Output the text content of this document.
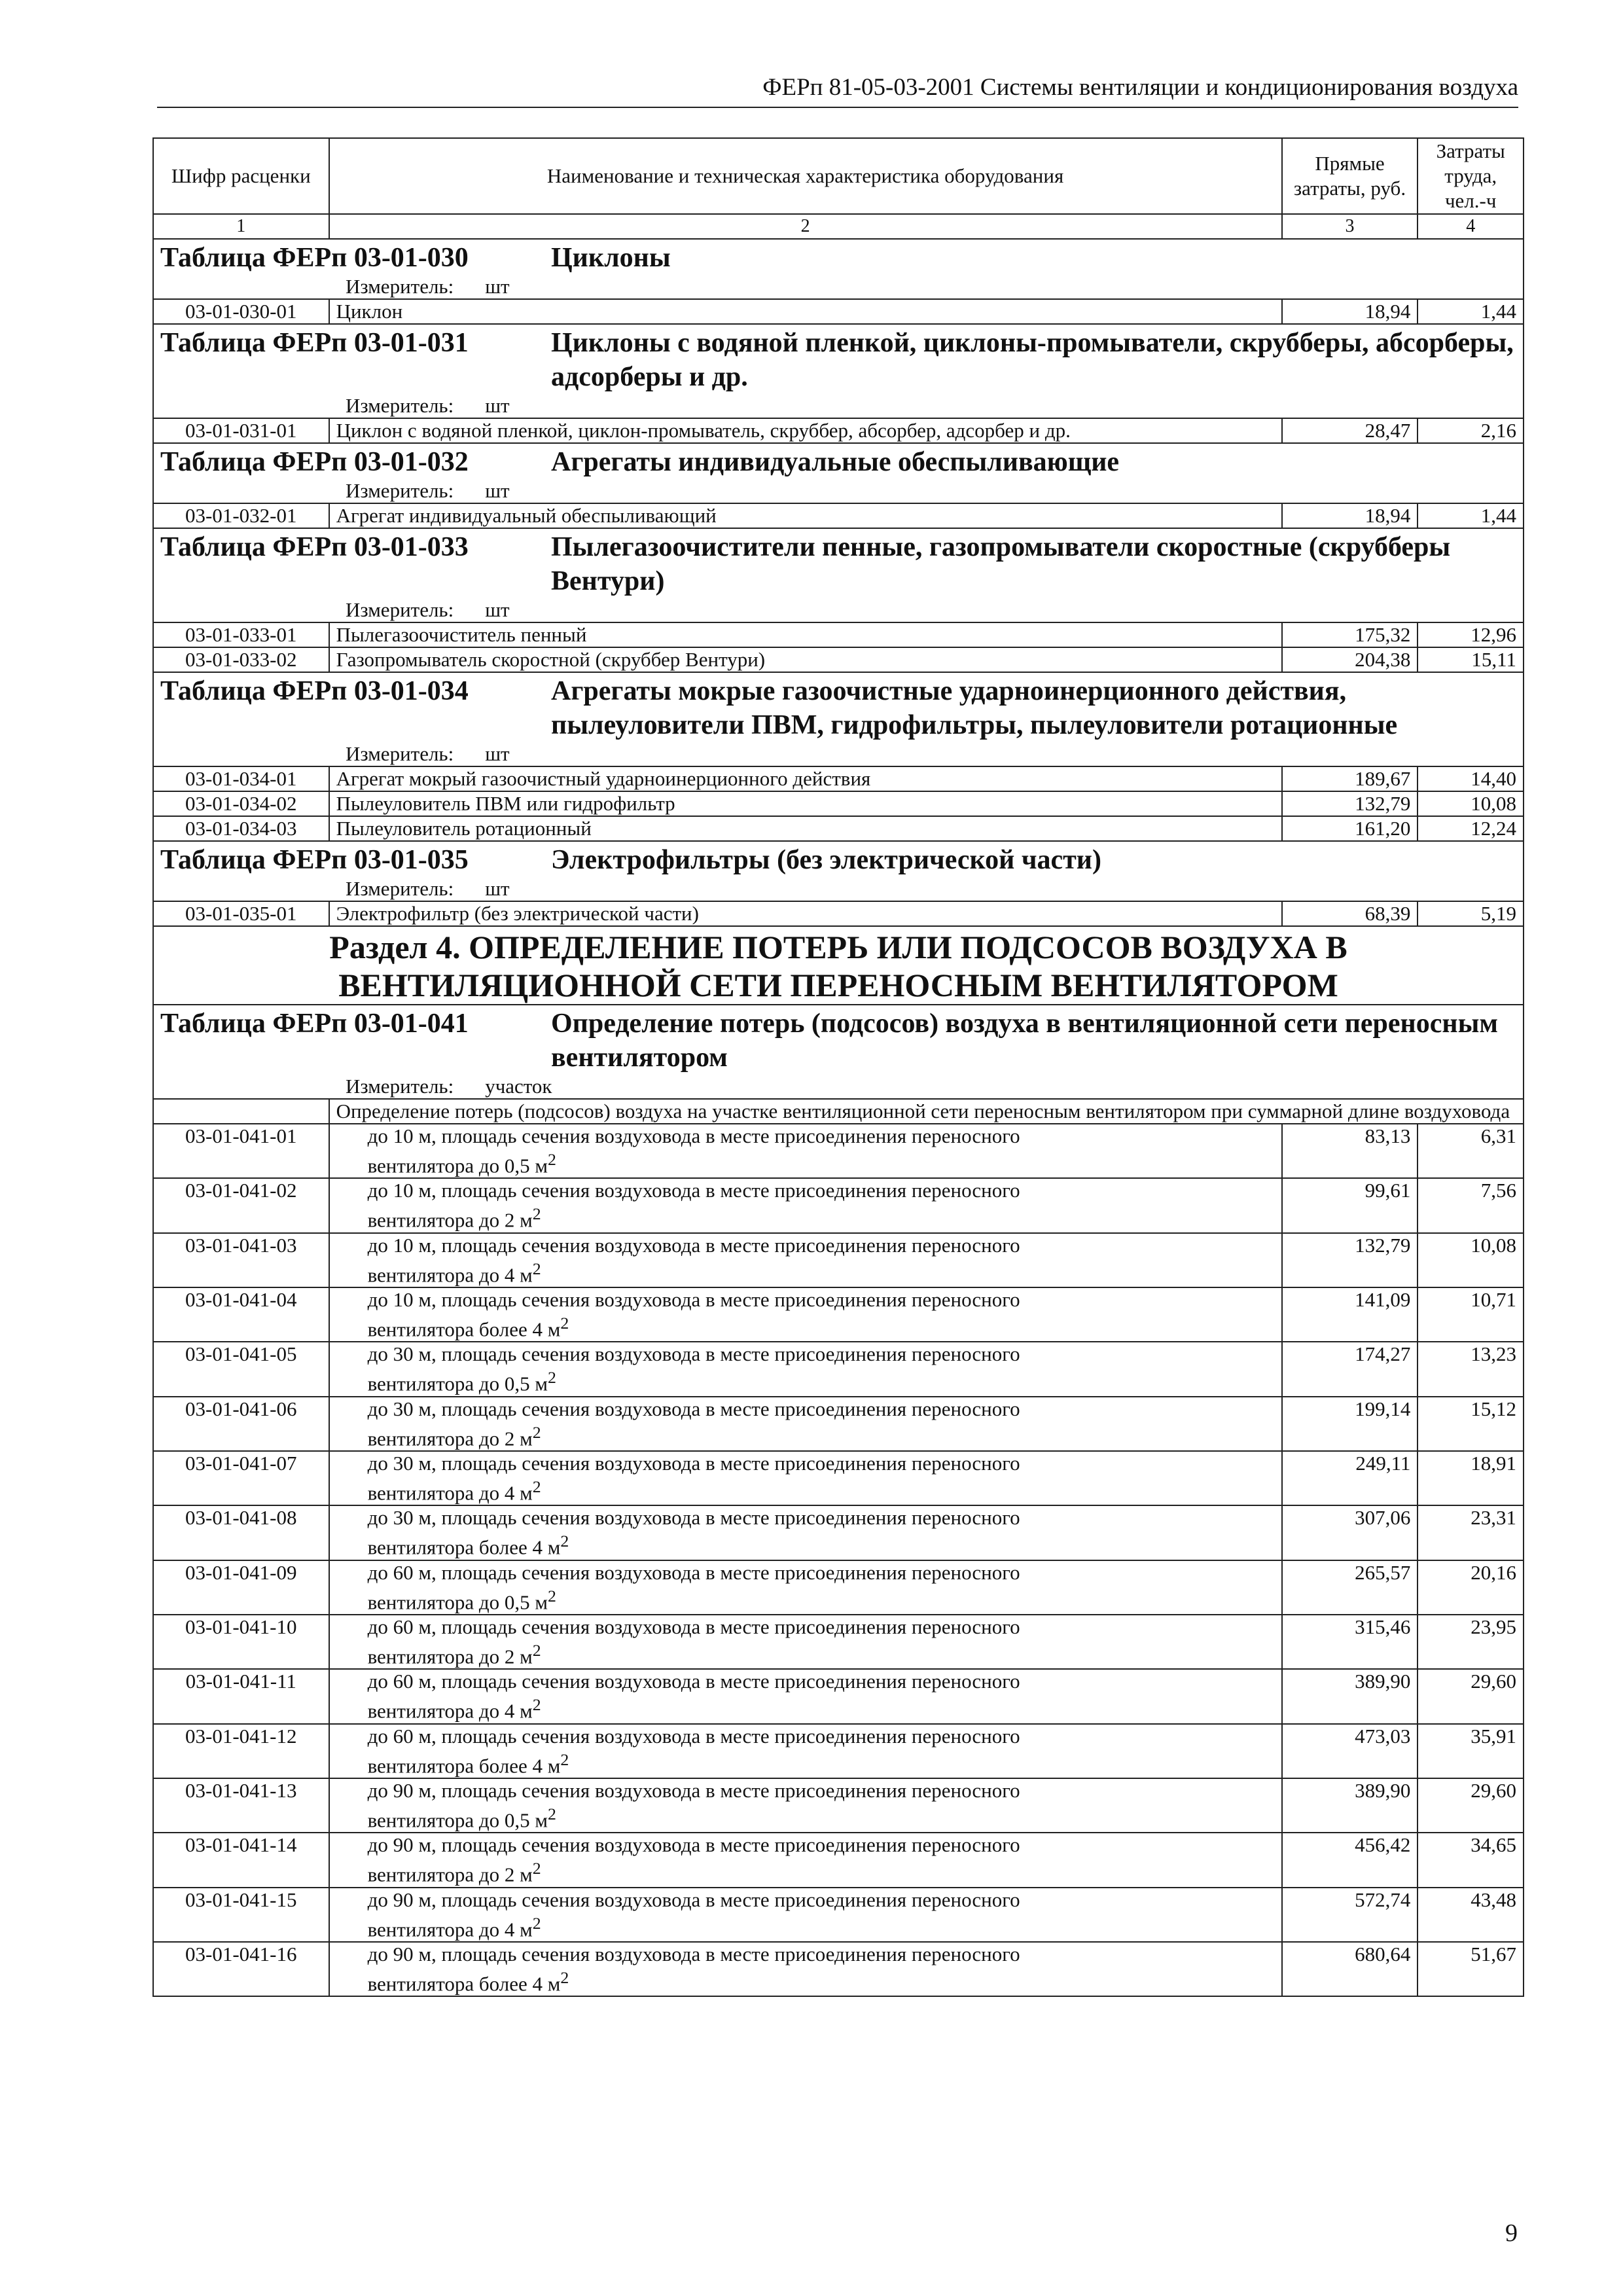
ФЕРп 81-05-03-2001 Системы вентиляции и кондиционирования воздуха
Шифр расценки	Наименование и техническая характеристика оборудования	Прямые затраты, руб.	Затраты труда, чел.-ч
1	2	3	4

Таблица ФЕРп 03-01-030 Циклоны
Измеритель: шт			

03-01-030-01	Циклон	18,94	1,44

Таблица ФЕРп 03-01-031 Циклоны с водяной пленкой, циклоны-промыватели, скрубберы, абсорберы, адсорберы и др.
Измеритель: шт			

03-01-031-01	Циклон с водяной пленкой, циклон-промыватель, скруббер, абсорбер, адсорбер и др.	28,47	2,16

Таблица ФЕРп 03-01-032 Агрегаты индивидуальные обеспыливающие
Измеритель: шт			

03-01-032-01	Агрегат индивидуальный обеспыливающий	18,94	1,44

Таблица ФЕРп 03-01-033 Пылегазоочистители пенные, газопромыватели скоростные (скрубберы Вентури)
Измеритель: шт			

03-01-033-01	Пылегазоочиститель пенный	175,32	12,96
03-01-033-02	Газопромыватель скоростной (скруббер Вентури)	204,38	15,11

Таблица ФЕРп 03-01-034 Агрегаты мокрые газоочистные ударноинерционного действия, пылеуловители ПВМ, гидрофильтры, пылеуловители ротационные
Измеритель: шт			

03-01-034-01	Агрегат мокрый газоочистный ударноинерционного действия	189,67	14,40
03-01-034-02	Пылеуловитель ПВМ или гидрофильтр	132,79	10,08
03-01-034-03	Пылеуловитель ротационный	161,20	12,24

Таблица ФЕРп 03-01-035 Электрофильтры (без электрической части)
Измеритель: шт			

03-01-035-01	Электрофильтр (без электрической части)	68,39	5,19

Раздел 4. ОПРЕДЕЛЕНИЕ ПОТЕРЬ ИЛИ ПОДСОСОВ ВОЗДУХА В ВЕНТИЛЯЦИОННОЙ СЕТИ ПЕРЕНОСНЫМ ВЕНТИЛЯТОРОМ			

Таблица ФЕРп 03-01-041 Определение потерь (подсосов) воздуха в вентиляционной сети переносным вентилятором
Измеритель: участок			

	Определение потерь (подсосов) воздуха на участке вентиляционной сети переносным вентилятором при суммарной длине воздуховода		

03-01-041-01	до 10 м, площадь сечения воздуховода в месте присоединения переносного
вентилятора до 0,5 $м^2$	83,13	6,31
03-01-041-02	до 10 м, площадь сечения воздуховода в месте присоединения переносного
вентилятора до 2 $м^2$	99,61	7,56
03-01-041-03	до 10 м, площадь сечения воздуховода в месте присоединения переносного
вентилятора до 4 $м^2$	132,79	10,08
03-01-041-04	до 10 м, площадь сечения воздуховода в месте присоединения переносного
вентилятора более 4 $м^2$	141,09	10,71
03-01-041-05	до 30 м, площадь сечения воздуховода в месте присоединения переносного
вентилятора до 0,5 $м^2$	174,27	13,23
03-01-041-06	до 30 м, площадь сечения воздуховода в месте присоединения переносного
вентилятора до 2 $м^2$	199,14	15,12
03-01-041-07	до 30 м, площадь сечения воздуховода в месте присоединения переносного
вентилятора до 4 $м^2$	249,11	18,91
03-01-041-08	до 30 м, площадь сечения воздуховода в месте присоединения переносного
вентилятора более 4 $м^2$	307,06	23,31
03-01-041-09	до 60 м, площадь сечения воздуховода в месте присоединения переносного
вентилятора до 0,5 $м^2$	265,57	20,16
03-01-041-10	до 60 м, площадь сечения воздуховода в месте присоединения переносного
вентилятора до 2 $м^2$	315,46	23,95
03-01-041-11	до 60 м, площадь сечения воздуховода в месте присоединения переносного
вентилятора до 4 $м^2$	389,90	29,60
03-01-041-12	до 60 м, площадь сечения воздуховода в месте присоединения переносного
вентилятора более 4 $м^2$	473,03	35,91
03-01-041-13	до 90 м, площадь сечения воздуховода в месте присоединения переносного
вентилятора до 0,5 $м^2$	389,90	29,60
03-01-041-14	до 90 м, площадь сечения воздуховода в месте присоединения переносного
вентилятора до 2 $м^2$	456,42	34,65
03-01-041-15	до 90 м, площадь сечения воздуховода в месте присоединения переносного
вентилятора до 4 $м^2$	572,74	43,48
03-01-041-16	до 90 м, площадь сечения воздуховода в месте присоединения переносного
вентилятора более 4 $м^2$	680,64	51,67
9
